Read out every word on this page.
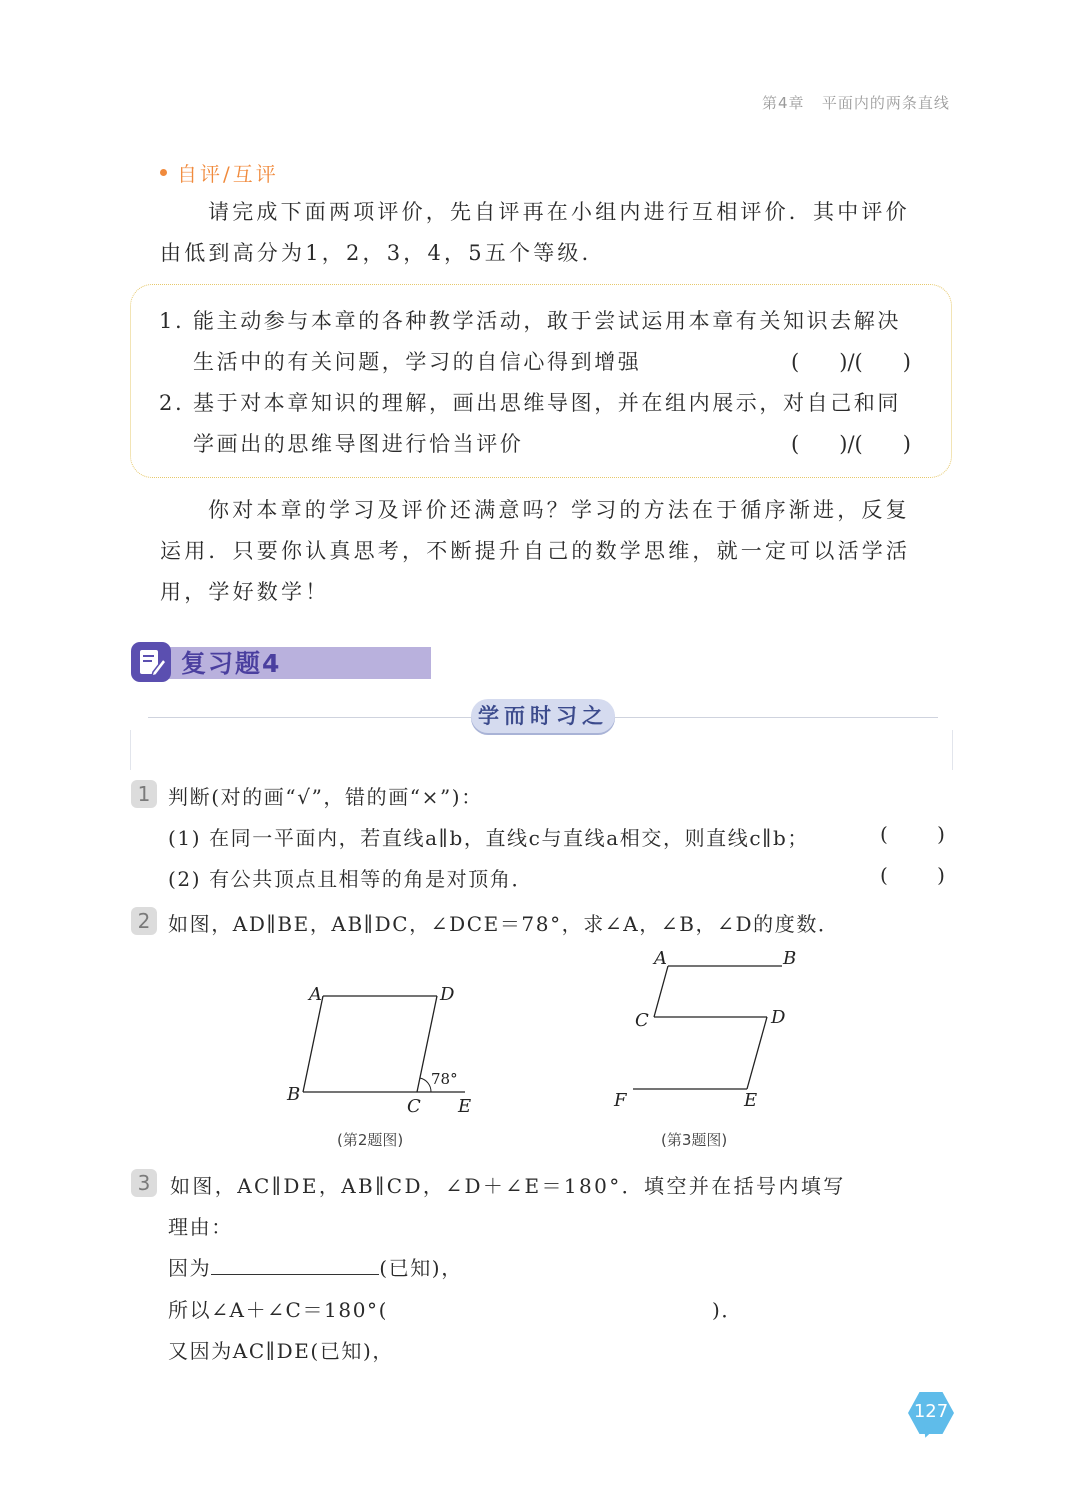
第4章 平面内的两条直线
自评/互评
请完成下面两项评价，先自评再在小组内进行互相评价．其中评价由低到高分为1，2，3，4，5五个等级．
1. 能主动参与本章的各种教学活动，敢于尝试运用本章有关知识去解决
生活中的有关问题，学习的自信心得到增强	(      )/(      )
2. 基于对本章知识的理解，画出思维导图，并在组内展示，对自己和同
学画出的思维导图进行恰当评价	(      )/(      )
你对本章的学习及评价还满意吗？学习的方法在于循序渐进，反复运用．只要你认真思考，不断提升自己的数学思维，就一定可以活学活用，学好数学！
复习题4
学而时习之
1 判断(对的画“√”，错的画“×”)：
(1) 在同一平面内，若直线a∥b，直线c与直线a相交，则直线c∥b；	(      )
(2) 有公共顶点且相等的角是对顶角．	(      )
2 如图，AD∥BE，AB∥DC，∠DCE＝78°，求∠A，∠B，∠D的度数．
A	D
B
C E
78°
(第2题图)
A	B
C	D
F	E
(第3题图)
3 如图，AC∥DE，AB∥CD，∠D＋∠E＝180°．填空并在括号内填写
理由：
因为	(已知)，
所以∠A＋∠C＝180°(	)．
又因为AC∥DE(已知)，
127
